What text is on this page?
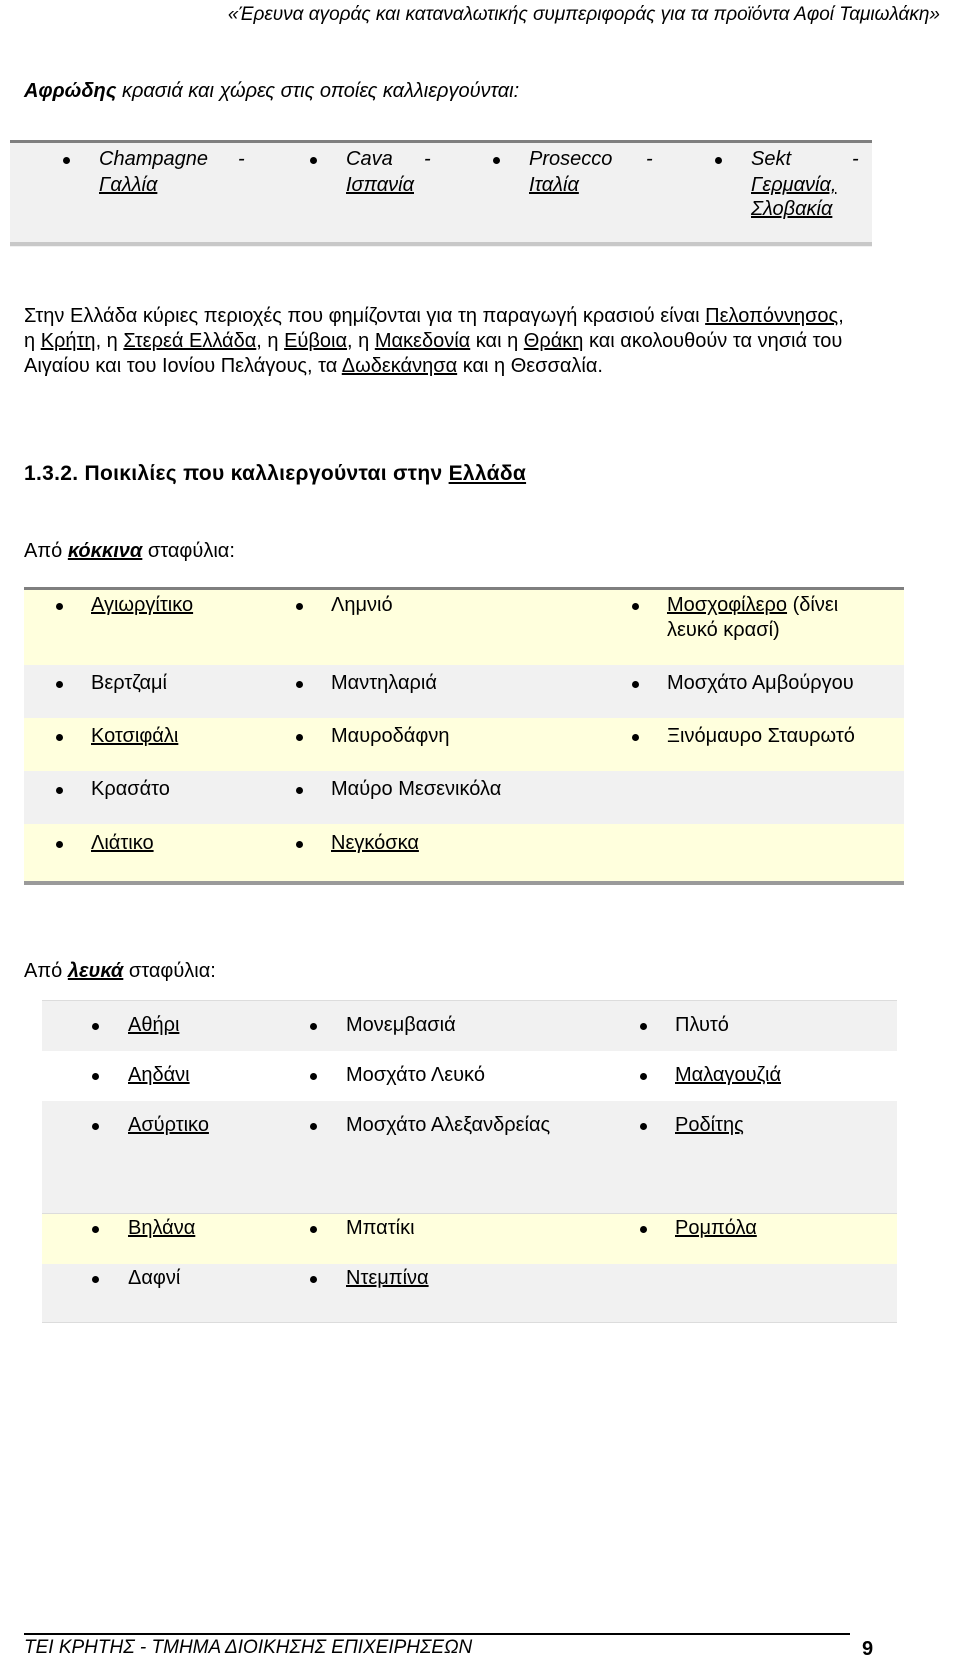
«Έρευνα αγοράς και καταναλωτικής συμπεριφοράς για τα προϊόντα Αφοί Ταμιωλάκη»
Αφρώδης κρασιά και χώρες στις οποίες καλλιεργούνται:
Champagne -
Γαλλία
Cava -
Ισπανία
Prosecco -
Ιταλία
Sekt	-
Γερμανία,
Σλοβακία
Στην Ελλάδα κύριες περιοχές που φημίζονται για τη παραγωγή κρασιού είναι Πελοπόννησος,
η Κρήτη, η Στερεά Ελλάδα, η Εύβοια, η Μακεδονία και η Θράκη και ακολουθούν τα νησιά του
Αιγαίου και του Ιονίου Πελάγους, τα Δωδεκάνησα και η Θεσσαλία.
1.3.2. Ποικιλίες που καλλιεργούνται στην Ελλάδα
Από κόκκινα σταφύλια:
Αγιωργίτικο	Λημνιό	Μοσχοφίλερο (δίνει
λευκό κρασί)
Βερτζαμί	Μαντηλαριά	Μοσχάτο Αμβούργου
Κοτσιφάλι	Μαυροδάφνη	Ξινόμαυρο Σταυρωτό
Κρασάτο	Μαύρο Μεσενικόλα
Λιάτικο	Νεγκόσκα
Από λευκά σταφύλια:
Αθήρι	Μονεμβασιά	Πλυτό
Αηδάνι	Μοσχάτο Λευκό	Μαλαγουζιά
Ασύρτικο	Μοσχάτο Αλεξανδρείας	Ροδίτης
Βηλάνα	Μπατίκι	Ρομπόλα
Δαφνί	Ντεμπίνα
ΤΕΙ ΚΡΗΤΗΣ - ΤΜΗΜΑ ΔΙΟΙΚΗΣΗΣ ΕΠΙΧΕΙΡΗΣΕΩΝ	9
